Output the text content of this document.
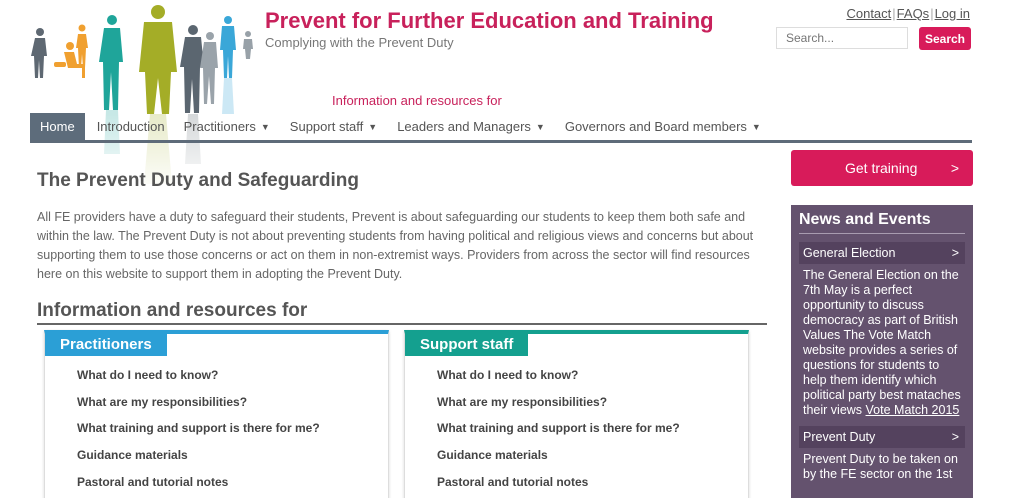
Prevent for Further Education and Training
Complying with the Prevent Duty
Information and resources for
Contact|FAQs|Log in
Search...
Search
Home	Introduction	Practitioners ▼	Support staff ▼	Leaders and Managers ▼	Governors and Board members ▼
The Prevent Duty and Safeguarding

All FE providers have a duty to safeguard their students, Prevent is about safeguarding our students to keep them both safe and within the law. The Prevent Duty is not about preventing students from having political and religious views and concerns but about supporting them to use those concerns or act on them in non-extremist ways. Providers from across the sector will find resources here on this website to support them in adopting the Prevent Duty.

Information and resources for
Practitioners
What do I need to know?
What are my responsibilities?
What training and support is there for me?
Guidance materials
Pastoral and tutorial notes
Support staff
What do I need to know?
What are my responsibilities?
What training and support is there for me?
Guidance materials
Pastoral and tutorial notes
Get training >
News and Events
General Election	>
The General Election on the 7th May is a perfect opportunity to discuss democracy as part of British Values The Vote Match website provides a series of questions for students to help them identify which political party best mataches their views Vote Match 2015
Prevent Duty	>
Prevent Duty to be taken on by the FE sector on the 1st
